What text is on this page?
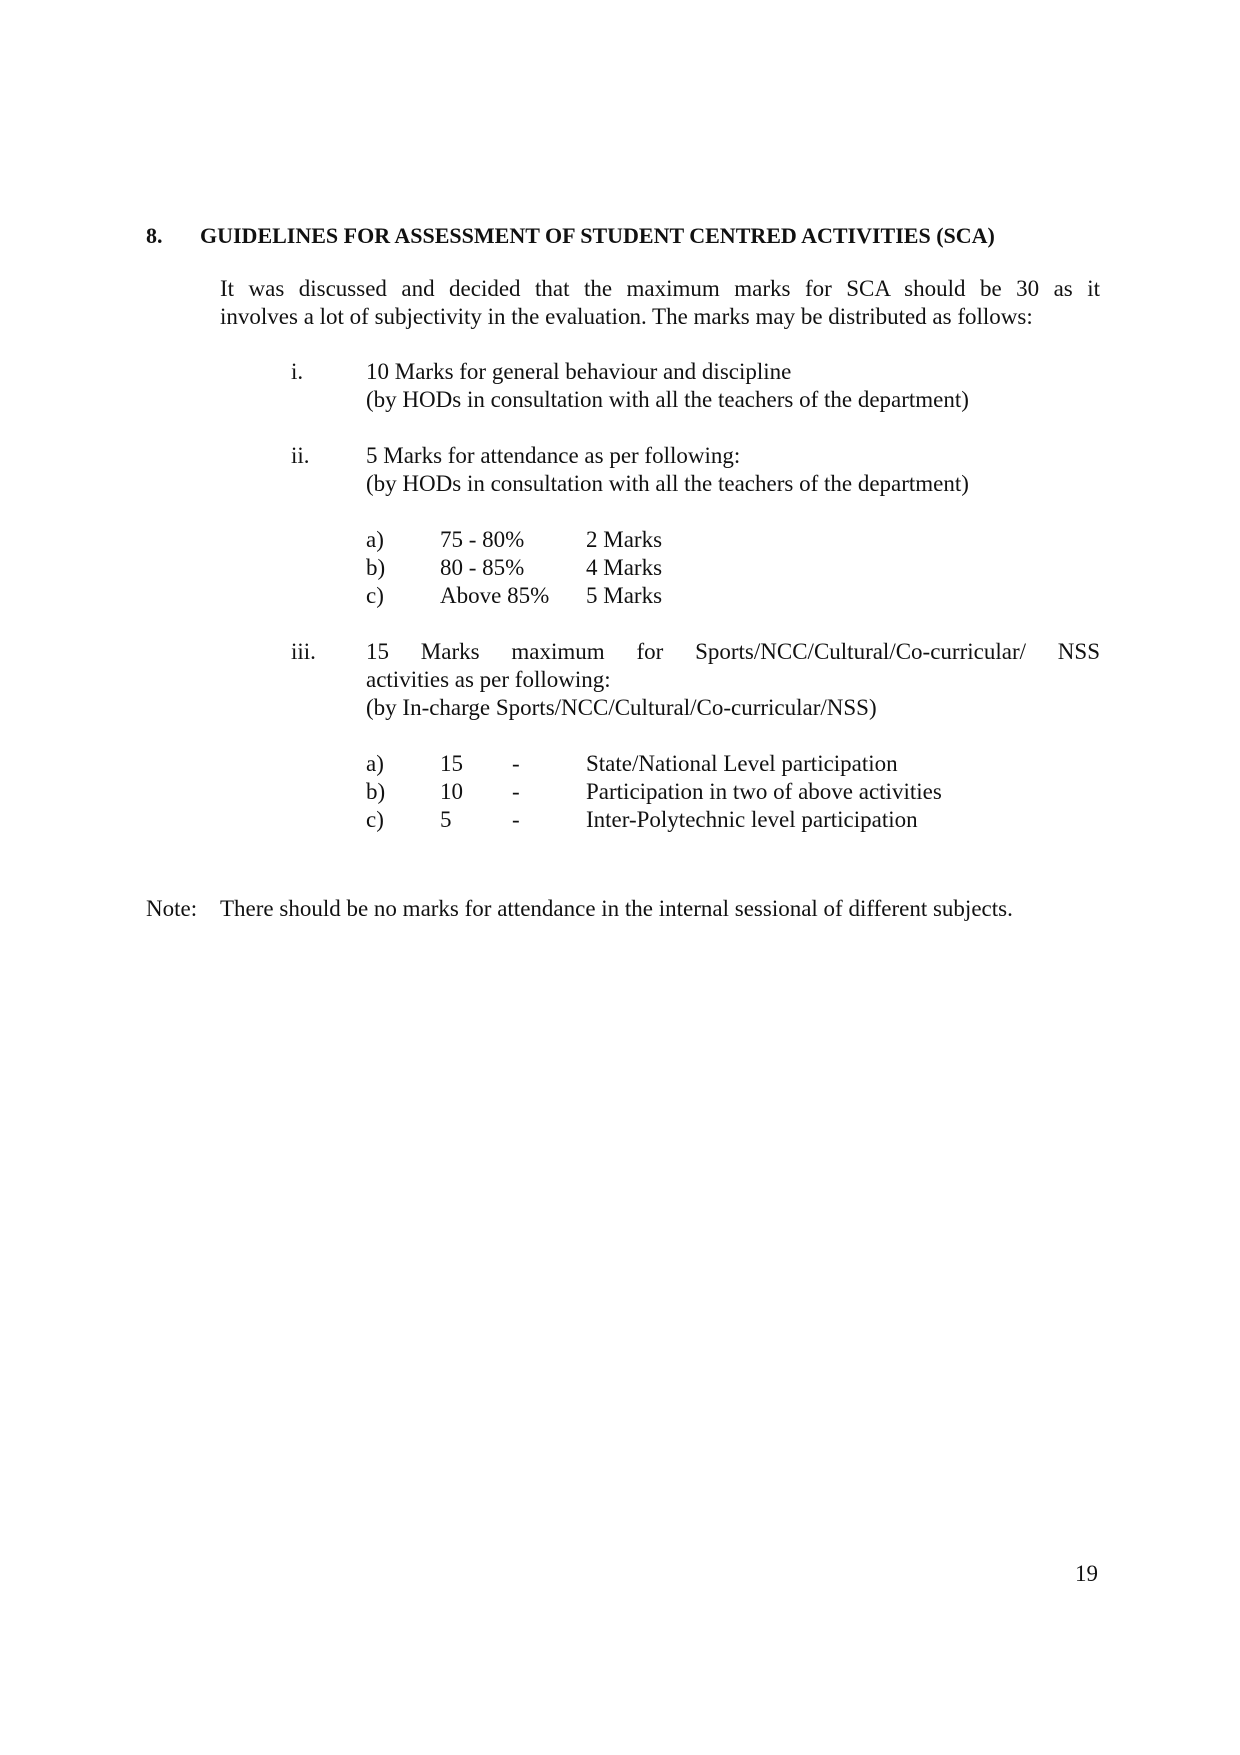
8. GUIDELINES FOR ASSESSMENT OF STUDENT CENTRED ACTIVITIES (SCA)

It was discussed and decided that the maximum marks for SCA should be 30 as it

involves a lot of subjectivity in the evaluation. The marks may be distributed as follows:

i.	10 Marks for general behaviour and discipline
(by HODs in consultation with all the teachers of the department)
ii. 5 Marks for attendance as per following:
(by HODs in consultation with all the teachers of the department)
a) 75 - 80%	2 Marks
b) 80 - 85%	4 Marks
c) Above 85% 5 Marks
iii. 15 Marks maximum for Sports/NCC/Cultural/Co-curricular/ NSS
activities as per following:
(by In-charge Sports/NCC/Cultural/Co-curricular/NSS)
a) 15 -	State/National Level participation
b) 10 -	Participation in two of above activities
c) 5	-	Inter-Polytechnic level participation
Note: There should be no marks for attendance in the internal sessional of different subjects.
19
